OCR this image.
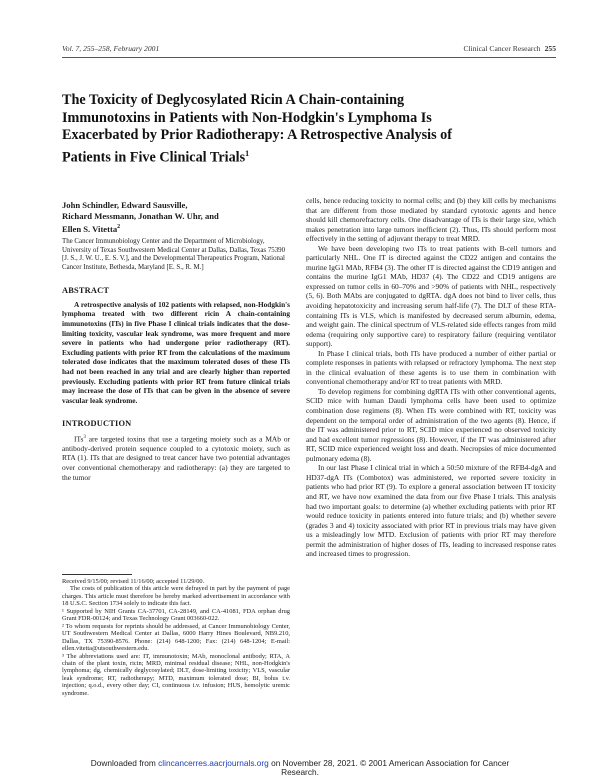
Vol. 7, 255–258, February 2001	Clinical Cancer Research 255
The Toxicity of Deglycosylated Ricin A Chain-containing Immunotoxins in Patients with Non-Hodgkin's Lymphoma Is Exacerbated by Prior Radiotherapy: A Retrospective Analysis of Patients in Five Clinical Trials$^1$
John Schindler, Edward Sausville,
Richard Messmann, Jonathan W. Uhr, and
Ellen S. Vitetta$^2$

The Cancer Immunobiology Center and the Department of Microbiology, University of Texas Southwestern Medical Center at Dallas, Dallas, Texas 75390 [J. S., J. W. U., E. S. V.], and the Developmental Therapeutics Program, National Cancer Institute, Bethesda, Maryland [E. S., R. M.]

ABSTRACT

A retrospective analysis of 102 patients with relapsed, non-Hodgkin's lymphoma treated with two different ricin A chain-containing immunotoxins (ITs) in five Phase I clinical trials indicates that the dose-limiting toxicity, vascular leak syndrome, was more frequent and more severe in patients who had undergone prior radiotherapy (RT). Excluding patients with prior RT from the calculations of the maximum tolerated dose indicates that the maximum tolerated doses of these ITs had not been reached in any trial and are clearly higher than reported previously. Excluding patients with prior RT from future clinical trials may increase the dose of ITs that can be given in the absence of severe vascular leak syndrome.

INTRODUCTION

ITs$^3$ are targeted toxins that use a targeting moiety such as a MAb or antibody-derived protein sequence coupled to a cytotoxic moiety, such as RTA (1). ITs that are designed to treat cancer have two potential advantages over conventional chemotherapy and radiotherapy: (a) they are targeted to the tumor

Received 9/15/00; revised 11/16/00; accepted 11/29/00.

The costs of publication of this article were defrayed in part by the payment of page charges. This article must therefore be hereby marked advertisement in accordance with 18 U.S.C. Section 1734 solely to indicate this fact.

¹ Supported by NIH Grants CA-37701, CA-28149, and CA-41081, FDA orphan drug Grant FDR-00124; and Texas Technology Grant 003660-022.

² To whom requests for reprints should be addressed, at Cancer Immunobiology Center, UT Southwestern Medical Center at Dallas, 6000 Harry Hines Boulevard, NB9.210, Dallas, TX 75390-8576. Phone: (214) 648-1200; Fax: (214) 648-1204; E-mail: ellen.vitetta@utsouthwestern.edu.

³ The abbreviations used are: IT, immunotoxin; MAb, monoclonal antibody; RTA, A chain of the plant toxin, ricin; MRD, minimal residual disease; NHL, non-Hodgkin's lymphoma; dg, chemically deglycosylated; DLT, dose-limiting toxicity; VLS, vascular leak syndrome; RT, radiotherapy; MTD, maximum tolerated dose; BI, bolus i.v. injection; q.o.d., every other day; CI, continuous i.v. infusion; HUS, hemolytic uremic syndrome.

cells, hence reducing toxicity to normal cells; and (b) they kill cells by mechanisms that are different from those mediated by standard cytotoxic agents and hence should kill chemorefractory cells. One disadvantage of ITs is their large size, which makes penetration into large tumors inefficient (2). Thus, ITs should perform most effectively in the setting of adjuvant therapy to treat MRD.

We have been developing two ITs to treat patients with B-cell tumors and particularly NHL. One IT is directed against the CD22 antigen and contains the murine IgG1 MAb, RFB4 (3). The other IT is directed against the CD19 antigen and contains the murine IgG1 MAb, HD37 (4). The CD22 and CD19 antigens are expressed on tumor cells in 60–70% and >90% of patients with NHL, respectively (5, 6). Both MAbs are conjugated to dgRTA. dgA does not bind to liver cells, thus avoiding hepatotoxicity and increasing serum half-life (7). The DLT of these RTA-containing ITs is VLS, which is manifested by decreased serum albumin, edema, and weight gain. The clinical spectrum of VLS-related side effects ranges from mild edema (requiring only supportive care) to respiratory failure (requiring ventilator support).

In Phase I clinical trials, both ITs have produced a number of either partial or complete responses in patients with relapsed or refractory lymphoma. The next step in the clinical evaluation of these agents is to use them in combination with conventional chemotherapy and/or RT to treat patients with MRD.

To develop regimens for combining dgRTA ITs with other conventional agents, SCID mice with human Daudi lymphoma cells have been used to optimize combination dose regimens (8). When ITs were combined with RT, toxicity was dependent on the temporal order of administration of the two agents (8). Hence, if the IT was administered prior to RT, SCID mice experienced no observed toxicity and had excellent tumor regressions (8). However, if the IT was administered after RT, SCID mice experienced weight loss and death. Necropsies of mice documented pulmonary edema (8).

In our last Phase I clinical trial in which a 50:50 mixture of the RFB4-dgA and HD37-dgA ITs (Combotox) was administered, we reported severe toxicity in patients who had prior RT (9). To explore a general association between IT toxicity and RT, we have now examined the data from our five Phase I trials. This analysis had two important goals: to determine (a) whether excluding patients with prior RT would reduce toxicity in patients entered into future trials; and (b) whether severe (grades 3 and 4) toxicity associated with prior RT in previous trials may have given us a misleadingly low MTD. Exclusion of patients with prior RT may therefore permit the administration of higher doses of ITs, leading to increased response rates and increased times to progression.

Downloaded from clincancerres.aacrjournals.org on November 28, 2021. © 2001 American Association for Cancer
Research.
